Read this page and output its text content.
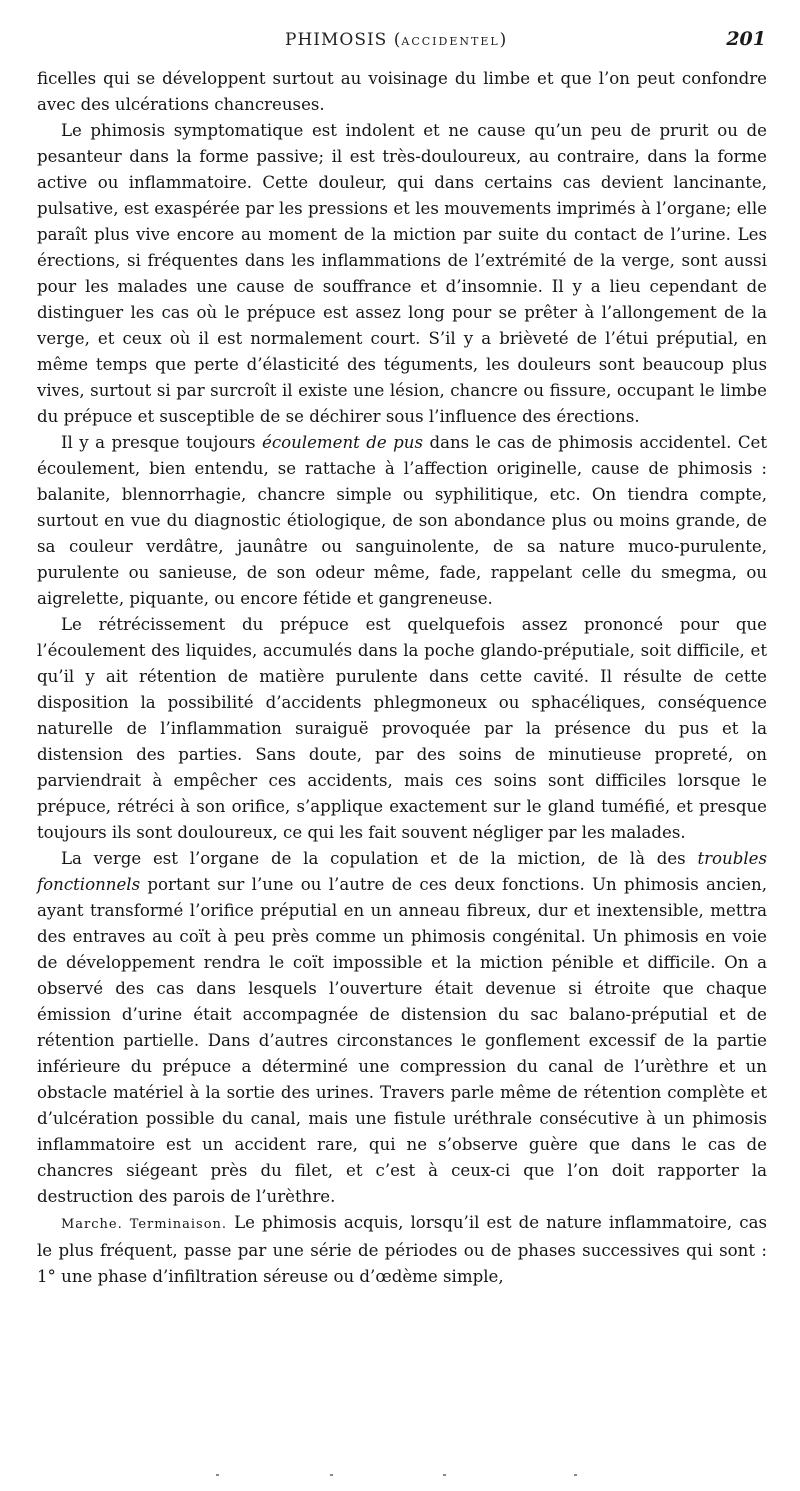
PHIMOSIS (ACCIDENTEL)	201

ficelles qui se développent surtout au voisinage du limbe et que l’on peut confondre avec des ulcérations chancreuses.

Le phimosis symptomatique est indolent et ne cause qu’un peu de prurit ou de pesanteur dans la forme passive; il est très-douloureux, au contraire, dans la forme active ou inflammatoire. Cette douleur, qui dans certains cas devient lancinante, pulsative, est exaspérée par les pressions et les mouvements imprimés à l’organe; elle paraît plus vive encore au moment de la miction par suite du contact de l’urine. Les érections, si fréquentes dans les inflammations de l’extrémité de la verge, sont aussi pour les malades une cause de souffrance et d’insomnie. Il y a lieu cependant de distinguer les cas où le prépuce est assez long pour se prêter à l’allongement de la verge, et ceux où il est normalement court. S’il y a brièveté de l’étui préputial, en même temps que perte d’élasticité des téguments, les douleurs sont beaucoup plus vives, surtout si par surcroît il existe une lésion, chancre ou fissure, occupant le limbe du prépuce et susceptible de se déchirer sous l’influence des érections.

Il y a presque toujours écoulement de pus dans le cas de phimosis accidentel. Cet écoulement, bien entendu, se rattache à l’affection originelle, cause de phimosis : balanite, blennorrhagie, chancre simple ou syphilitique, etc. On tiendra compte, surtout en vue du diagnostic étiologique, de son abondance plus ou moins grande, de sa couleur verdâtre, jaunâtre ou sanguinolente, de sa nature muco-purulente, purulente ou sanieuse, de son odeur même, fade, rappelant celle du smegma, ou aigrelette, piquante, ou encore fétide et gangreneuse.

Le rétrécissement du prépuce est quelquefois assez prononcé pour que l’écoulement des liquides, accumulés dans la poche glando-préputiale, soit difficile, et qu’il y ait rétention de matière purulente dans cette cavité. Il résulte de cette disposition la possibilité d’accidents phlegmoneux ou sphacéliques, conséquence naturelle de l’inflammation suraiguë provoquée par la présence du pus et la distension des parties. Sans doute, par des soins de minutieuse propreté, on parviendrait à empêcher ces accidents, mais ces soins sont difficiles lorsque le prépuce, rétréci à son orifice, s’applique exactement sur le gland tuméfié, et presque toujours ils sont douloureux, ce qui les fait souvent négliger par les malades.

La verge est l’organe de la copulation et de la miction, de là des troubles fonctionnels portant sur l’une ou l’autre de ces deux fonctions. Un phimosis ancien, ayant transformé l’orifice préputial en un anneau fibreux, dur et inextensible, mettra des entraves au coït à peu près comme un phimosis congénital. Un phimosis en voie de développement rendra le coït impossible et la miction pénible et difficile. On a observé des cas dans lesquels l’ouverture était devenue si étroite que chaque émission d’urine était accompagnée de distension du sac balano-préputial et de rétention partielle. Dans d’autres circonstances le gonflement excessif de la partie inférieure du prépuce a déterminé une compression du canal de l’urèthre et un obstacle matériel à la sortie des urines. Travers parle même de rétention complète et d’ulcération possible du canal, mais une fistule uréthrale consécutive à un phimosis inflammatoire est un accident rare, qui ne s’observe guère que dans le cas de chancres siégeant près du filet, et c’est à ceux-ci que l’on doit rapporter la destruction des parois de l’urèthre.

Marche. Terminaison. Le phimosis acquis, lorsqu’il est de nature inflammatoire, cas le plus fréquent, passe par une série de périodes ou de phases successives qui sont : 1° une phase d’infiltration séreuse ou d’œdème simple,
